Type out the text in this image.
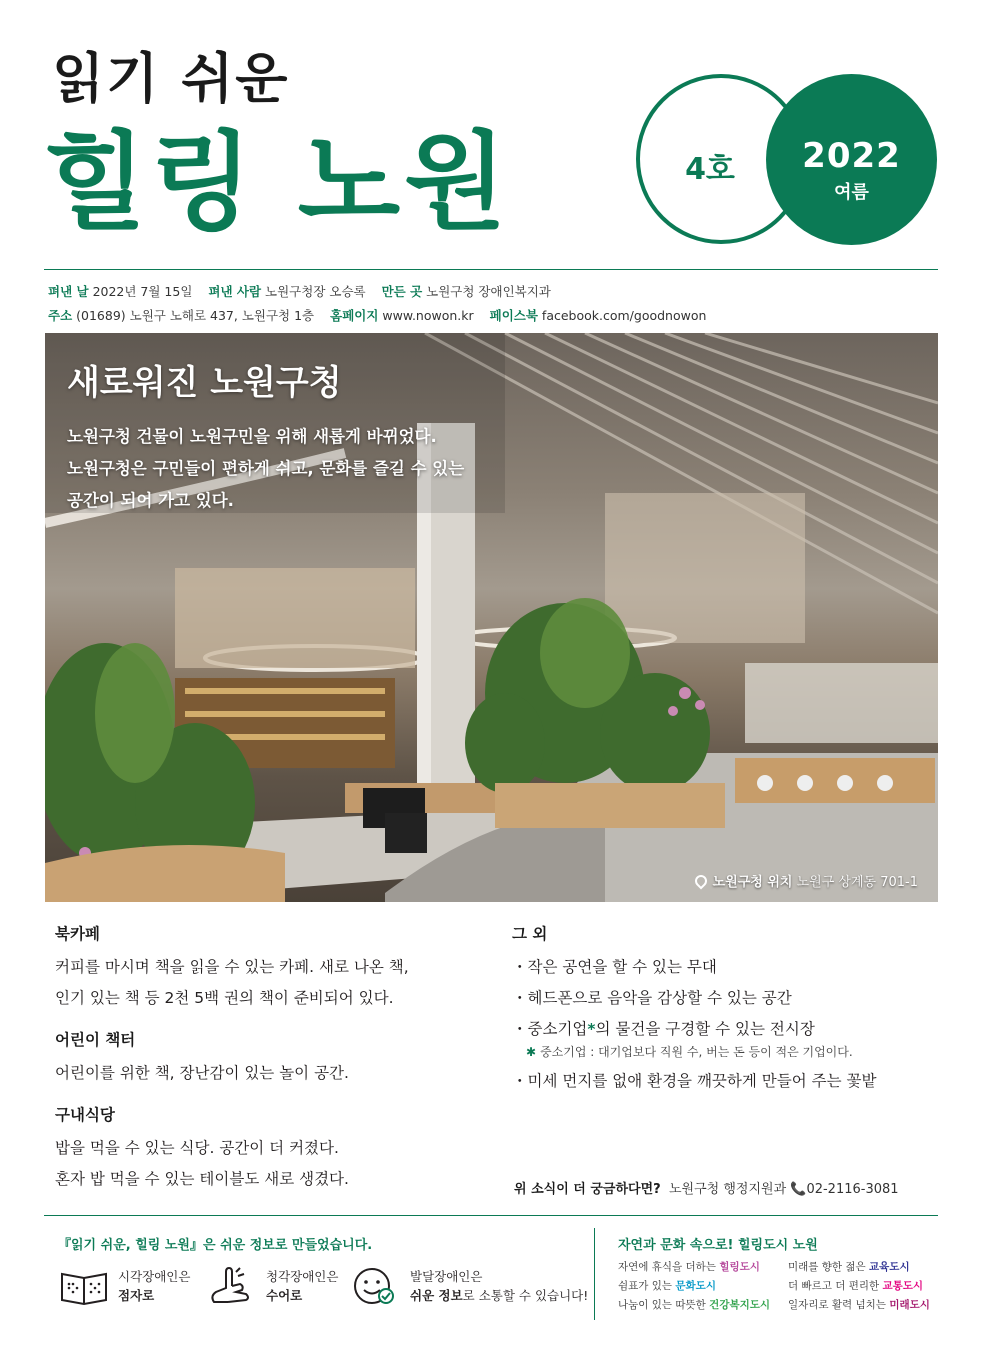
읽기 쉬운
힐링 노원	4호	2022
여름
펴낸 날 2022년 7월 15일 펴낸 사람 노원구청장 오승록 만든 곳 노원구청 장애인복지과
주소 (01689) 노원구 노해로 437, 노원구청 1층 홈페이지 www.nowon.kr 페이스북 facebook.com/goodnowon
새로워진 노원구청
노원구청 건물이 노원구민을 위해 새롭게 바뀌었다.
노원구청은 구민들이 편하게 쉬고, 문화를 즐길 수 있는
공간이 되어 가고 있다.
노원구청 위치 노원구 상계동 701-1
북카페
커피를 마시며 책을 읽을 수 있는 카페. 새로 나온 책,
인기 있는 책 등 2천 5백 권의 책이 준비되어 있다.
어린이 책터
어린이를 위한 책, 장난감이 있는 놀이 공간.
구내식당
밥을 먹을 수 있는 식당. 공간이 더 커졌다.
혼자 밥 먹을 수 있는 테이블도 새로 생겼다.
그 외
・ 작은 공연을 할 수 있는 무대
・ 헤드폰으로 음악을 감상할 수 있는 공간
・ 중소기업*의 물건을 구경할 수 있는 전시장
✱ 중소기업 : 대기업보다 직원 수, 버는 돈 등이 적은 기업이다.
・ 미세 먼지를 없애 환경을 깨끗하게 만들어 주는 꽃밭
위 소식이 더 궁금하다면? 노원구청 행정지원과 📞02-2116-3081
『읽기 쉬운, 힐링 노원』은 쉬운 정보로 만들었습니다.
시각장애인은
점자로
청각장애인은
수어로
발달장애인은
쉬운 정보로 소통할 수 있습니다!
자연과 문화 속으로! 힐링도시 노원
자연에 휴식을 더하는 힐링도시	미래를 향한 젊은 교육도시
쉼표가 있는 문화도시	더 빠르고 더 편리한 교통도시
나눔이 있는 따뜻한 건강복지도시	일자리로 활력 넘치는 미래도시
